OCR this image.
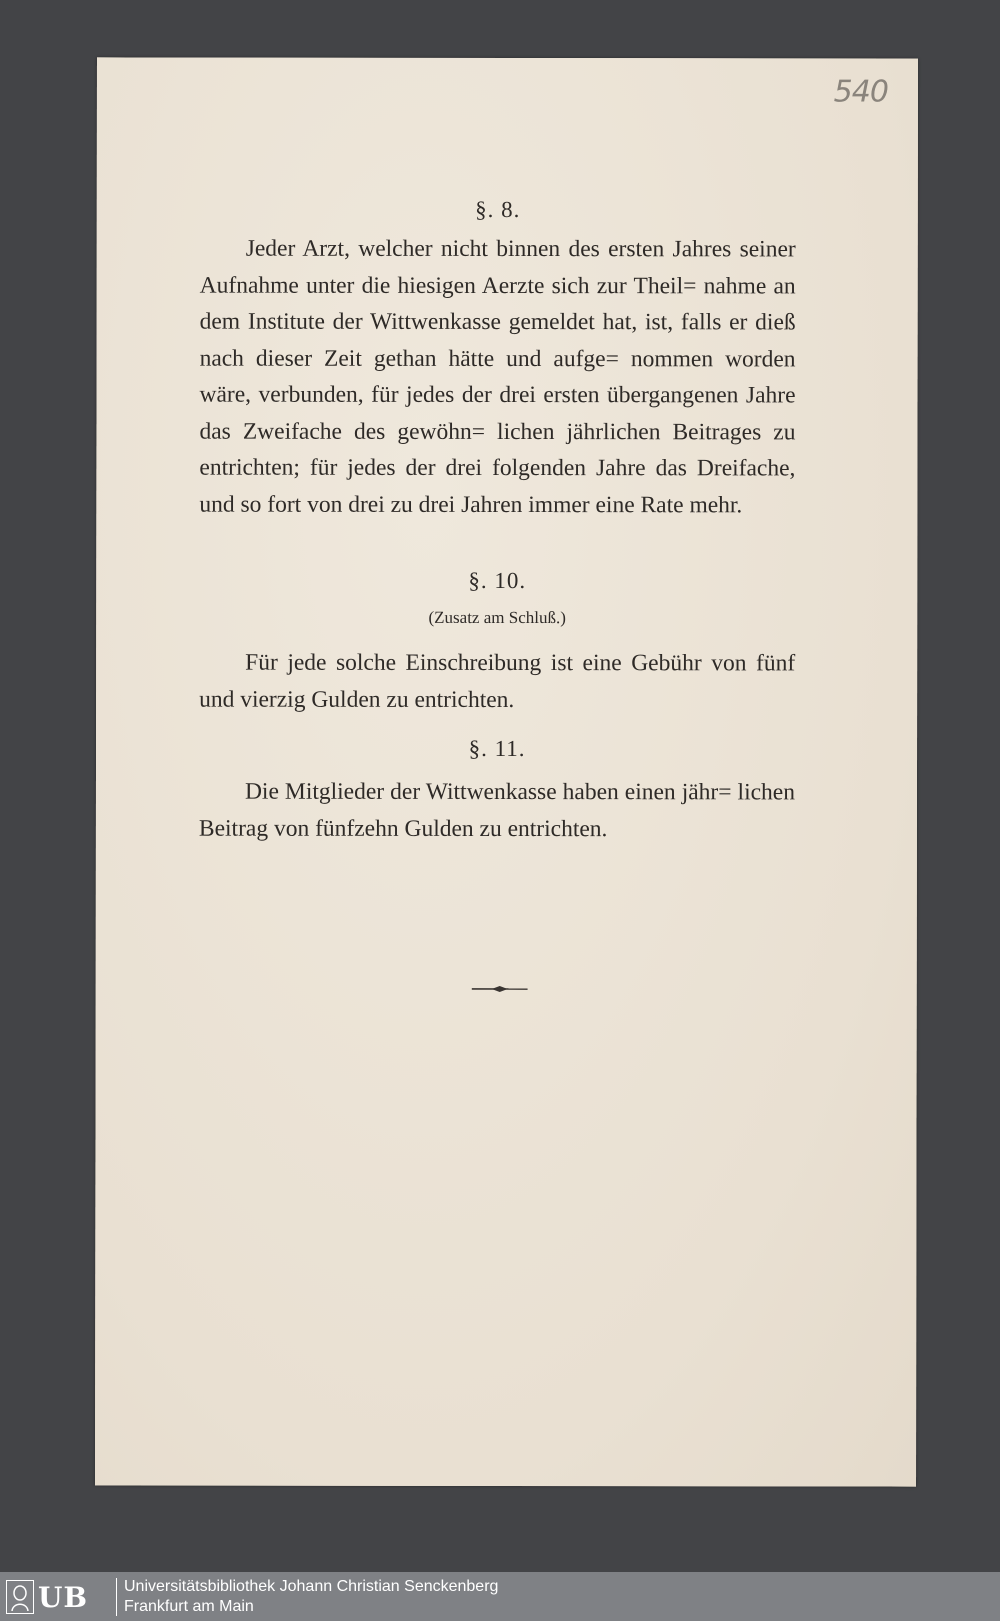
540
§. 8.

Jeder Arzt, welcher nicht binnen des ersten Jahres seiner Aufnahme unter die hiesigen Aerzte sich zur Theil= nahme an dem Institute der Wittwenkasse gemeldet hat, ist, falls er dieß nach dieser Zeit gethan hätte und aufge= nommen worden wäre, verbunden, für jedes der drei ersten übergangenen Jahre das Zweifache des gewöhn= lichen jährlichen Beitrages zu entrichten; für jedes der drei folgenden Jahre das Dreifache, und so fort von drei zu drei Jahren immer eine Rate mehr.

§. 10.
(Zusatz am Schluß.)

Für jede solche Einschreibung ist eine Gebühr von fünf und vierzig Gulden zu entrichten.

§. 11.

Die Mitglieder der Wittwenkasse haben einen jähr= lichen Beitrag von fünfzehn Gulden zu entrichten.

UB Universitätsbibliothek Johann Christian Senckenberg
Frankfurt am Main
